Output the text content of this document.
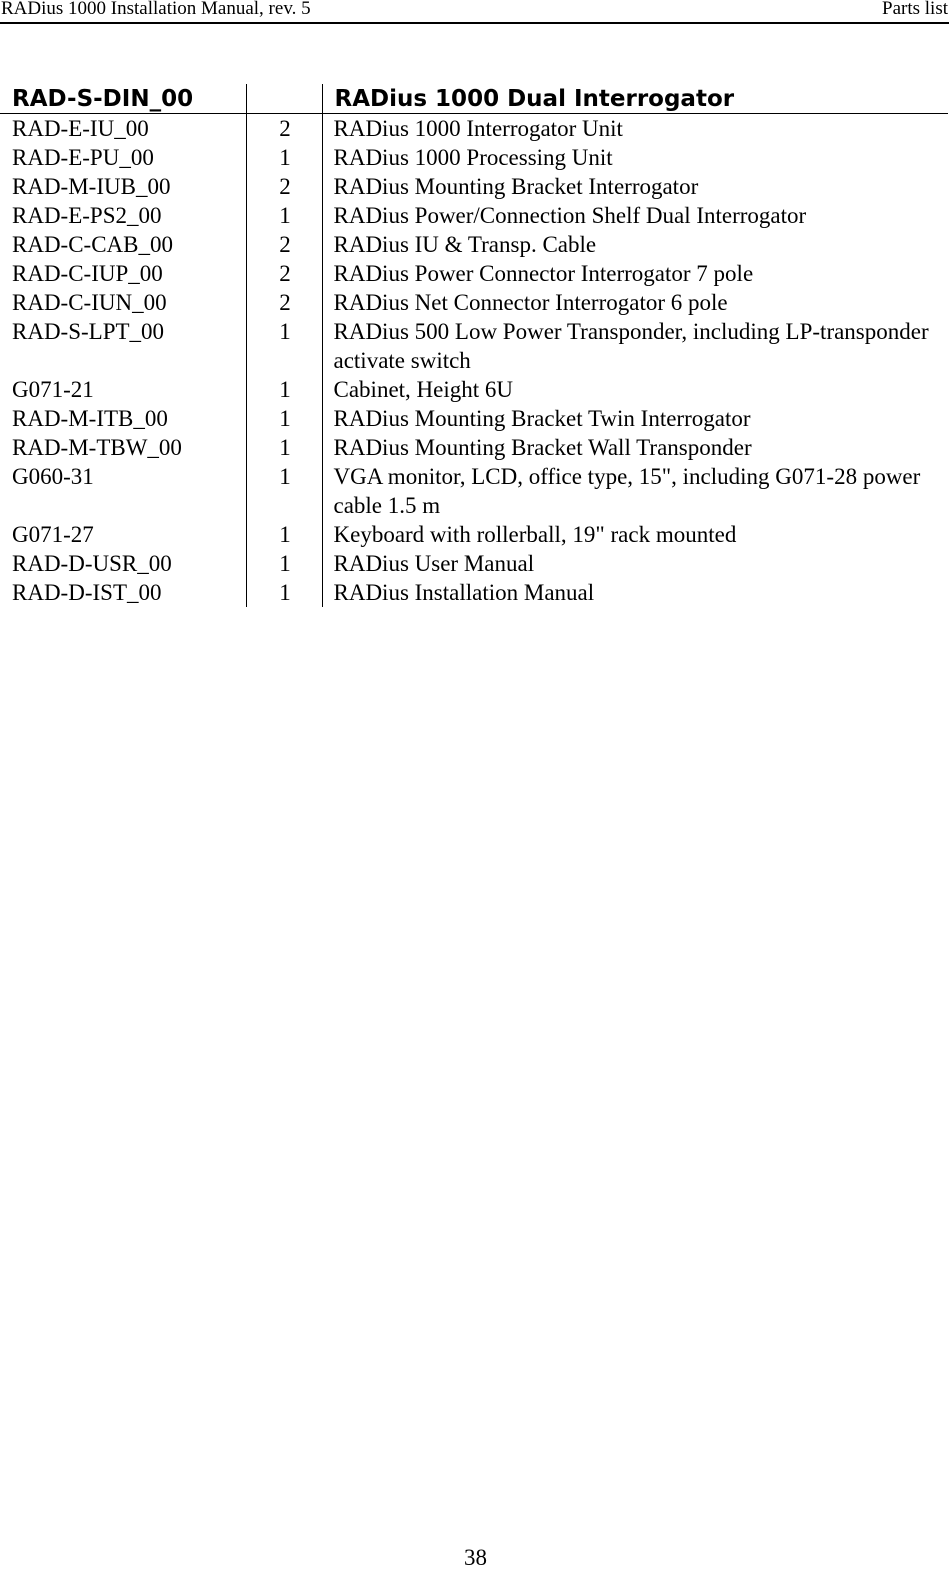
RADius 1000 Installation Manual, rev. 5	Parts list
RAD-S-DIN_00		RADius 1000 Dual Interrogator
RAD-E-IU_00	2	RADius 1000 Interrogator Unit
RAD-E-PU_00	1	RADius 1000 Processing Unit
RAD-M-IUB_00	2	RADius Mounting Bracket Interrogator
RAD-E-PS2_00	1	RADius Power/Connection Shelf Dual Interrogator
RAD-C-CAB_00	2	RADius IU & Transp. Cable
RAD-C-IUP_00	2	RADius Power Connector Interrogator 7 pole
RAD-C-IUN_00	2	RADius Net Connector Interrogator 6 pole
RAD-S-LPT_00	1	RADius 500 Low Power Transponder, including LP-transponder activate switch
G071-21	1	Cabinet, Height 6U
RAD-M-ITB_00	1	RADius Mounting Bracket Twin Interrogator
RAD-M-TBW_00	1	RADius Mounting Bracket Wall Transponder
G060-31	1	VGA monitor, LCD, office type, 15", including G071-28 power cable 1.5 m
G071-27	1	Keyboard with rollerball, 19" rack mounted
RAD-D-USR_00	1	RADius User Manual
RAD-D-IST_00	1	RADius Installation Manual
38
